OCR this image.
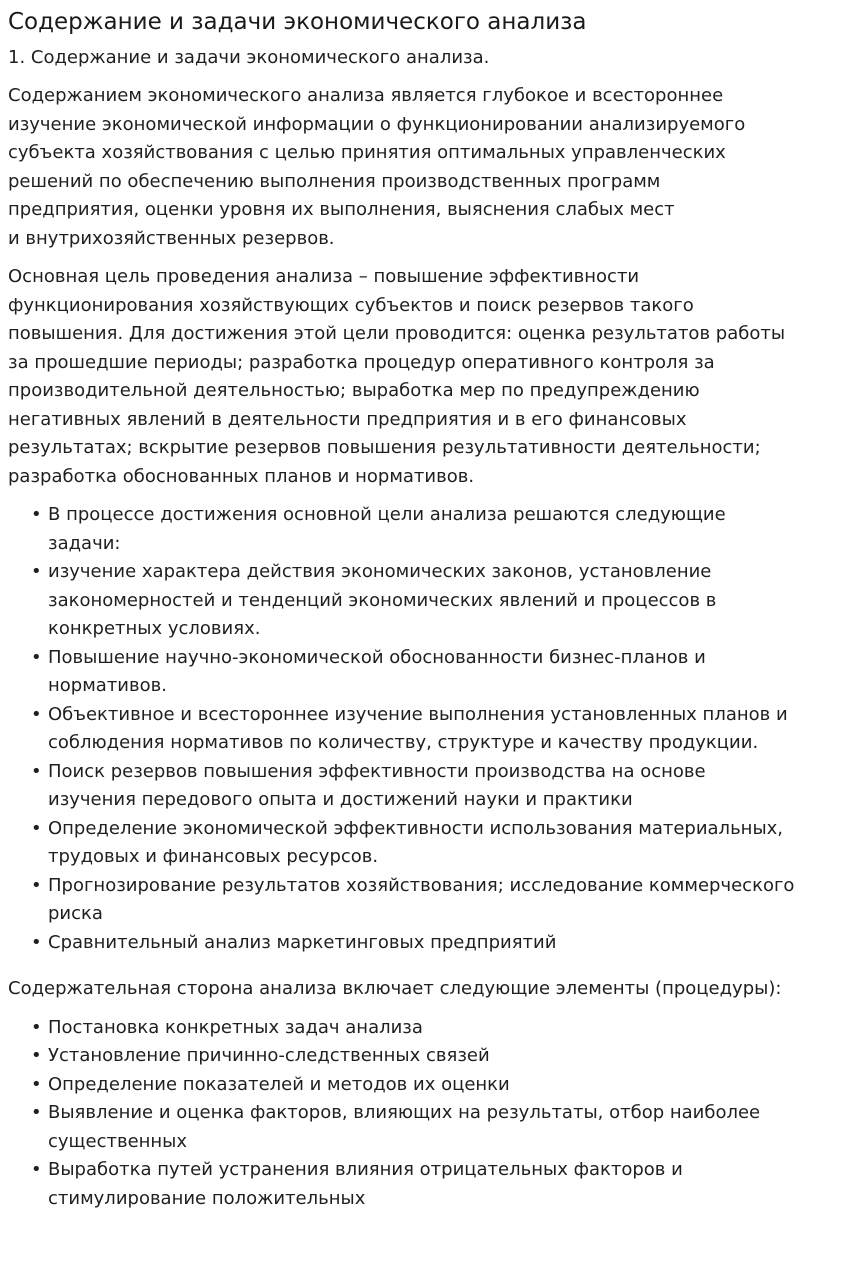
Содержание и задачи экономического анализа
1. Содержание и задачи экономического анализа.

Содержанием экономического анализа является глубокое и всестороннее
изучение экономической информации о функционировании анализируемого
субъекта хозяйствования с целью принятия оптимальных управленческих
решений по обеспечению выполнения производственных программ
предприятия, оценки уровня их выполнения, выяснения слабых мест
и внутрихозяйственных резервов.

Основная цель проведения анализа – повышение эффективности
функционирования хозяйствующих субъектов и поиск резервов такого
повышения. Для достижения этой цели проводится: оценка результатов работы
за прошедшие периоды; разработка процедур оперативного контроля за
производительной деятельностью; выработка мер по предупреждению
негативных явлений в деятельности предприятия и в его финансовых
результатах; вскрытие резервов повышения результативности деятельности;
разработка обоснованных планов и нормативов.

• В процессе достижения основной цели анализа решаются следующие
задачи:
• изучение характера действия экономических законов, установление
закономерностей и тенденций экономических явлений и процессов в
конкретных условиях.
• Повышение научно-экономической обоснованности бизнес-планов и
нормативов.
• Объективное и всестороннее изучение выполнения установленных планов и
соблюдения нормативов по количеству, структуре и качеству продукции.
• Поиск резервов повышения эффективности производства на основе
изучения передового опыта и достижений науки и практики
• Определение экономической эффективности использования материальных,
трудовых и финансовых ресурсов.
• Прогнозирование результатов хозяйствования; исследование коммерческого
риска
• Сравнительный анализ маркетинговых предприятий

Содержательная сторона анализа включает следующие элементы (процедуры):

• Постановка конкретных задач анализа
• Установление причинно-следственных связей
• Определение показателей и методов их оценки
• Выявление и оценка факторов, влияющих на результаты, отбор наиболее
существенных
• Выработка путей устранения влияния отрицательных факторов и
стимулирование положительных
